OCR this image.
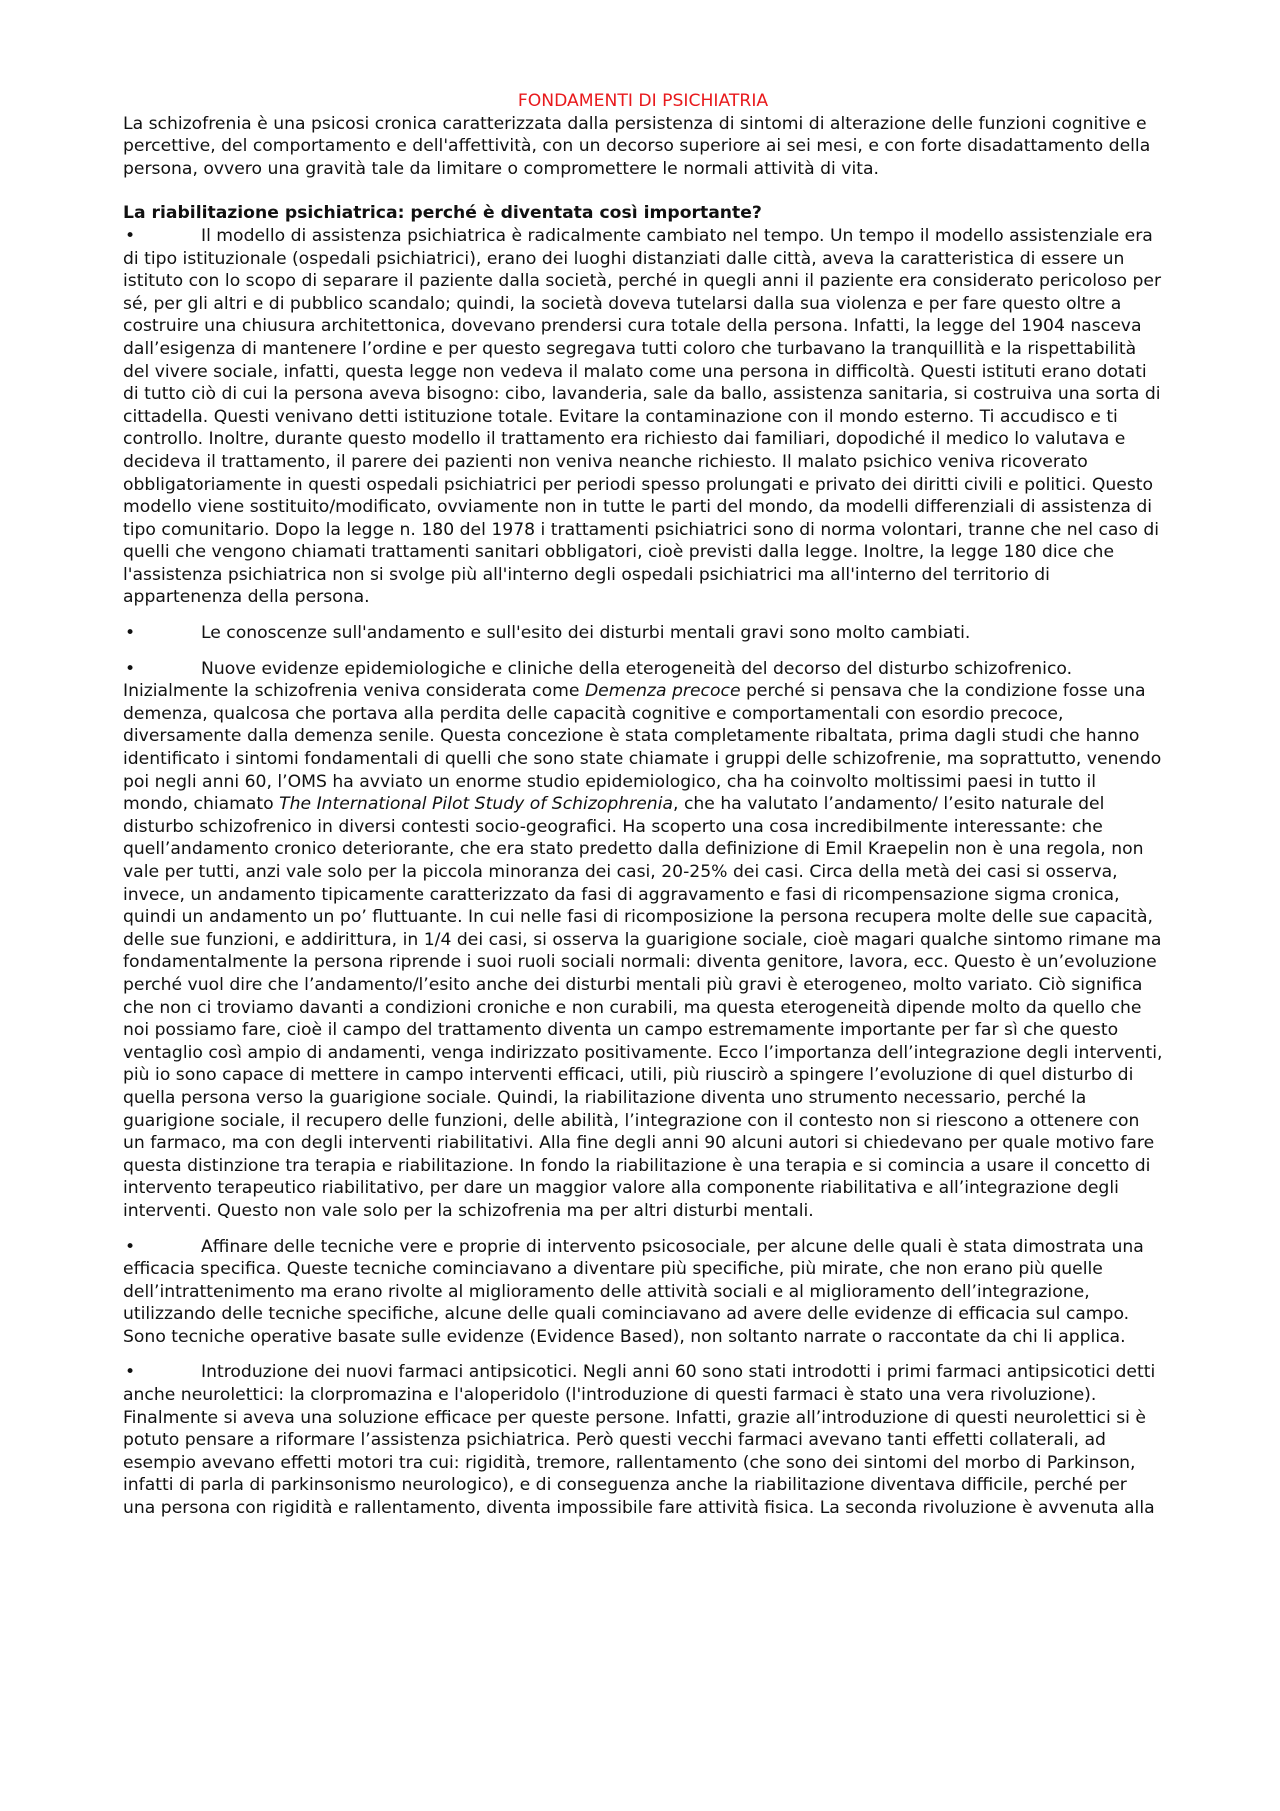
FONDAMENTI DI PSICHIATRIA

La schizofrenia è una psicosi cronica caratterizzata dalla persistenza di sintomi di alterazione delle funzioni cognitive e percettive, del comportamento e dell'affettività, con un decorso superiore ai sei mesi, e con forte disadattamento della persona, ovvero una gravità tale da limitare o compromettere le normali attività di vita.

La riabilitazione psichiatrica: perché è diventata così importante?

•	Il modello di assistenza psichiatrica è radicalmente cambiato nel tempo. Un tempo il modello assistenziale era di tipo istituzionale (ospedali psichiatrici), erano dei luoghi distanziati dalle città, aveva la caratteristica di essere un istituto con lo scopo di separare il paziente dalla società, perché in quegli anni il paziente era considerato pericoloso per sé, per gli altri e di pubblico scandalo; quindi, la società doveva tutelarsi dalla sua violenza e per fare questo oltre a costruire una chiusura architettonica, dovevano prendersi cura totale della persona. Infatti, la legge del 1904 nasceva dall’esigenza di mantenere l’ordine e per questo segregava tutti coloro che turbavano la tranquillità e la rispettabilità del vivere sociale, infatti, questa legge non vedeva il malato come una persona in difficoltà. Questi istituti erano dotati di tutto ciò di cui la persona aveva bisogno: cibo, lavanderia, sale da ballo, assistenza sanitaria, si costruiva una sorta di cittadella. Questi venivano detti istituzione totale. Evitare la contaminazione con il mondo esterno. Ti accudisco e ti controllo. Inoltre, durante questo modello il trattamento era richiesto dai familiari, dopodiché il medico lo valutava e decideva il trattamento, il parere dei pazienti non veniva neanche richiesto. Il malato psichico veniva ricoverato obbligatoriamente in questi ospedali psichiatrici per periodi spesso prolungati e privato dei diritti civili e politici. Questo modello viene sostituito/modificato, ovviamente non in tutte le parti del mondo, da modelli differenziali di assistenza di tipo comunitario. Dopo la legge n. 180 del 1978 i trattamenti psichiatrici sono di norma volontari, tranne che nel caso di quelli che vengono chiamati trattamenti sanitari obbligatori, cioè previsti dalla legge. Inoltre, la legge 180 dice che l'assistenza psichiatrica non si svolge più all'interno degli ospedali psichiatrici ma all'interno del territorio di appartenenza della persona.

•	Le conoscenze sull'andamento e sull'esito dei disturbi mentali gravi sono molto cambiati.

•	Nuove evidenze epidemiologiche e cliniche della eterogeneità del decorso del disturbo schizofrenico. Inizialmente la schizofrenia veniva considerata come Demenza precoce perché si pensava che la condizione fosse una demenza, qualcosa che portava alla perdita delle capacità cognitive e comportamentali con esordio precoce, diversamente dalla demenza senile. Questa concezione è stata completamente ribaltata, prima dagli studi che hanno identificato i sintomi fondamentali di quelli che sono state chiamate i gruppi delle schizofrenie, ma soprattutto, venendo poi negli anni 60, l’OMS ha avviato un enorme studio epidemiologico, cha ha coinvolto moltissimi paesi in tutto il mondo, chiamato The International Pilot Study of Schizophrenia, che ha valutato l’andamento/ l’esito naturale del disturbo schizofrenico in diversi contesti socio-geografici. Ha scoperto una cosa incredibilmente interessante: che quell’andamento cronico deteriorante, che era stato predetto dalla definizione di Emil Kraepelin non è una regola, non vale per tutti, anzi vale solo per la piccola minoranza dei casi, 20-25% dei casi. Circa della metà dei casi si osserva, invece, un andamento tipicamente caratterizzato da fasi di aggravamento e fasi di ricompensazione sigma cronica, quindi un andamento un po’ fluttuante. In cui nelle fasi di ricomposizione la persona recupera molte delle sue capacità, delle sue funzioni, e addirittura, in 1/4 dei casi, si osserva la guarigione sociale, cioè magari qualche sintomo rimane ma fondamentalmente la persona riprende i suoi ruoli sociali normali: diventa genitore, lavora, ecc. Questo è un’evoluzione perché vuol dire che l’andamento/l’esito anche dei disturbi mentali più gravi è eterogeneo, molto variato. Ciò significa che non ci troviamo davanti a condizioni croniche e non curabili, ma questa eterogeneità dipende molto da quello che noi possiamo fare, cioè il campo del trattamento diventa un campo estremamente importante per far sì che questo ventaglio così ampio di andamenti, venga indirizzato positivamente. Ecco l’importanza dell’integrazione degli interventi, più io sono capace di mettere in campo interventi efficaci, utili, più riuscirò a spingere l’evoluzione di quel disturbo di quella persona verso la guarigione sociale. Quindi, la riabilitazione diventa uno strumento necessario, perché la guarigione sociale, il recupero delle funzioni, delle abilità, l’integrazione con il contesto non si riescono a ottenere con un farmaco, ma con degli interventi riabilitativi. Alla fine degli anni 90 alcuni autori si chiedevano per quale motivo fare questa distinzione tra terapia e riabilitazione. In fondo la riabilitazione è una terapia e si comincia a usare il concetto di intervento terapeutico riabilitativo, per dare un maggior valore alla componente riabilitativa e all’integrazione degli interventi. Questo non vale solo per la schizofrenia ma per altri disturbi mentali.

•	Affinare delle tecniche vere e proprie di intervento psicosociale, per alcune delle quali è stata dimostrata una efficacia specifica. Queste tecniche cominciavano a diventare più specifiche, più mirate, che non erano più quelle dell’intrattenimento ma erano rivolte al miglioramento delle attività sociali e al miglioramento dell’integrazione, utilizzando delle tecniche specifiche, alcune delle quali cominciavano ad avere delle evidenze di efficacia sul campo. Sono tecniche operative basate sulle evidenze (Evidence Based), non soltanto narrate o raccontate da chi li applica.

•	Introduzione dei nuovi farmaci antipsicotici. Negli anni 60 sono stati introdotti i primi farmaci antipsicotici detti anche neurolettici: la clorpromazina e l'aloperidolo (l'introduzione di questi farmaci è stato una vera rivoluzione). Finalmente si aveva una soluzione efficace per queste persone. Infatti, grazie all’introduzione di questi neurolettici si è potuto pensare a riformare l’assistenza psichiatrica. Però questi vecchi farmaci avevano tanti effetti collaterali, ad esempio avevano effetti motori tra cui: rigidità, tremore, rallentamento (che sono dei sintomi del morbo di Parkinson, infatti di parla di parkinsonismo neurologico), e di conseguenza anche la riabilitazione diventava difficile, perché per una persona con rigidità e rallentamento, diventa impossibile fare attività fisica. La seconda rivoluzione è avvenuta alla
